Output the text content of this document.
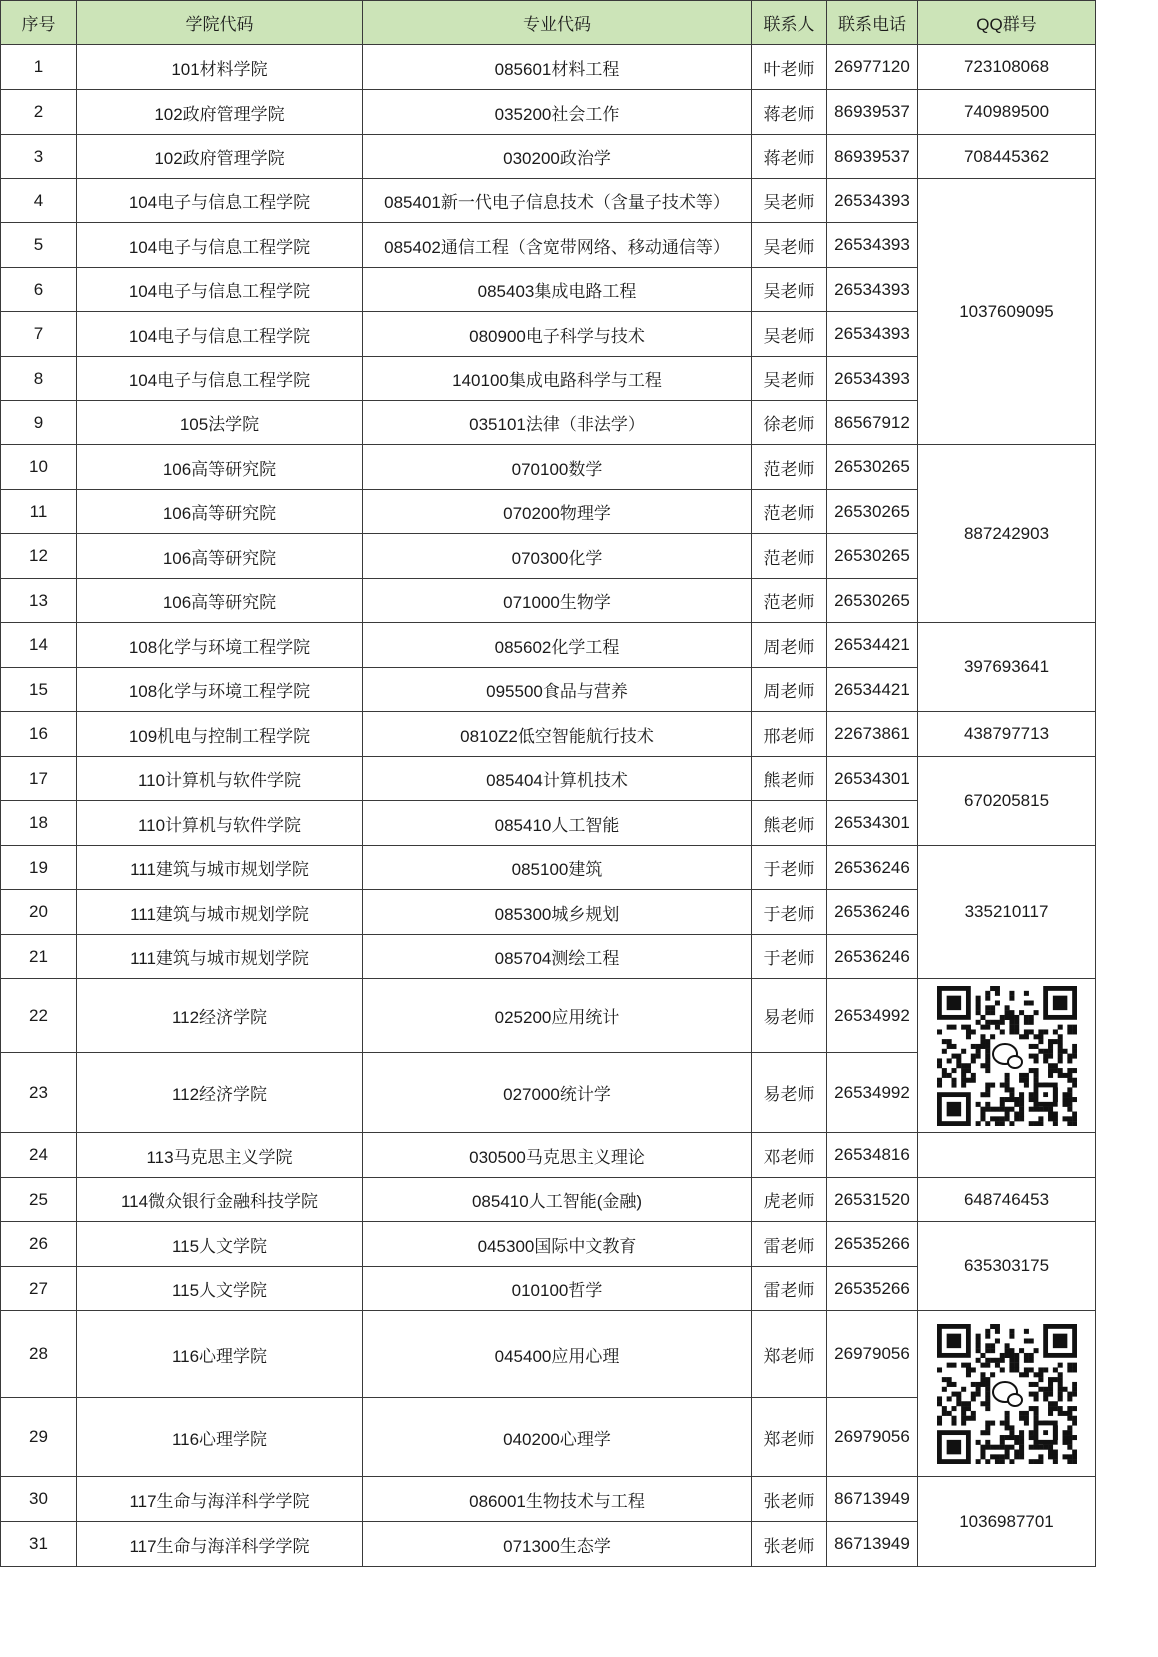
序号	学院代码	专业代码	联系人	联系电话	QQ群号
1	101材料学院	085601材料工程	叶老师	26977120	723108068
2	102政府管理学院	035200社会工作	蒋老师	86939537	740989500
3	102政府管理学院	030200政治学	蒋老师	86939537	708445362
4	104电子与信息工程学院	085401新一代电子信息技术（含量子技术等）	吴老师	26534393	1037609095
5	104电子与信息工程学院	085402通信工程（含宽带网络、移动通信等）	吴老师	26534393	
6	104电子与信息工程学院	085403集成电路工程	吴老师	26534393	
7	104电子与信息工程学院	080900电子科学与技术	吴老师	26534393	
8	104电子与信息工程学院	140100集成电路科学与工程	吴老师	26534393	
9	105法学院	035101法律（非法学）	徐老师	86567912	
10	106高等研究院	070100数学	范老师	26530265	887242903
11	106高等研究院	070200物理学	范老师	26530265	
12	106高等研究院	070300化学	范老师	26530265	
13	106高等研究院	071000生物学	范老师	26530265	
14	108化学与环境工程学院	085602化学工程	周老师	26534421	397693641
15	108化学与环境工程学院	095500食品与营养	周老师	26534421	
16	109机电与控制工程学院	0810Z2低空智能航行技术	邢老师	22673861	438797713
17	110计算机与软件学院	085404计算机技术	熊老师	26534301	670205815
18	110计算机与软件学院	085410人工智能	熊老师	26534301	
19	111建筑与城市规划学院	085100建筑	于老师	26536246	335210117
20	111建筑与城市规划学院	085300城乡规划	于老师	26536246	
21	111建筑与城市规划学院	085704测绘工程	于老师	26536246	
22	112经济学院	025200应用统计	易老师	26534992	

23	112经济学院	027000统计学	易老师	26534992	
24	113马克思主义学院	030500马克思主义理论	邓老师	26534816	
25	114微众银行金融科技学院	085410人工智能(金融)	虎老师	26531520	648746453
26	115人文学院	045300国际中文教育	雷老师	26535266	635303175
27	115人文学院	010100哲学	雷老师	26535266	
28	116心理学院	045400应用心理	郑老师	26979056	

29	116心理学院	040200心理学	郑老师	26979056	
30	117生命与海洋科学学院	086001生物技术与工程	张老师	86713949	1036987701
31	117生命与海洋科学学院	071300生态学	张老师	86713949	
